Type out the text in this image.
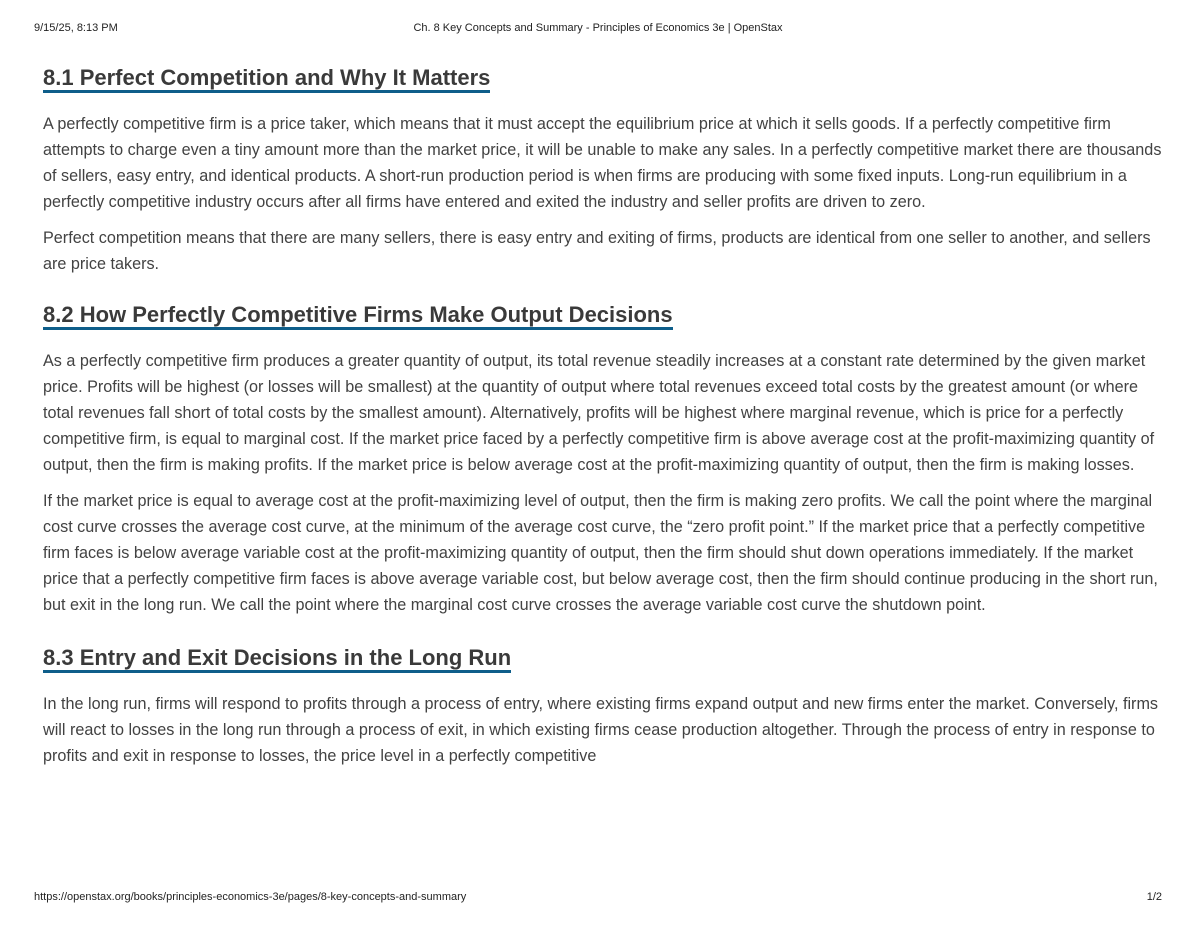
9/15/25, 8:13 PM	Ch. 8 Key Concepts and Summary - Principles of Economics 3e | OpenStax
8.1 Perfect Competition and Why It Matters

A perfectly competitive firm is a price taker, which means that it must accept the equilibrium price at which it sells goods. If a perfectly competitive firm attempts to charge even a tiny amount more than the market price, it will be unable to make any sales. In a perfectly competitive market there are thousands of sellers, easy entry, and identical products. A short-run production period is when firms are producing with some fixed inputs. Long-run equilibrium in a perfectly competitive industry occurs after all firms have entered and exited the industry and seller profits are driven to zero.

Perfect competition means that there are many sellers, there is easy entry and exiting of firms, products are identical from one seller to another, and sellers are price takers.

8.2 How Perfectly Competitive Firms Make Output Decisions

As a perfectly competitive firm produces a greater quantity of output, its total revenue steadily increases at a constant rate determined by the given market price. Profits will be highest (or losses will be smallest) at the quantity of output where total revenues exceed total costs by the greatest amount (or where total revenues fall short of total costs by the smallest amount). Alternatively, profits will be highest where marginal revenue, which is price for a perfectly competitive firm, is equal to marginal cost. If the market price faced by a perfectly competitive firm is above average cost at the profit-maximizing quantity of output, then the firm is making profits. If the market price is below average cost at the profit-maximizing quantity of output, then the firm is making losses.

If the market price is equal to average cost at the profit-maximizing level of output, then the firm is making zero profits. We call the point where the marginal cost curve crosses the average cost curve, at the minimum of the average cost curve, the “zero profit point.” If the market price that a perfectly competitive firm faces is below average variable cost at the profit-maximizing quantity of output, then the firm should shut down operations immediately. If the market price that a perfectly competitive firm faces is above average variable cost, but below average cost, then the firm should continue producing in the short run, but exit in the long run. We call the point where the marginal cost curve crosses the average variable cost curve the shutdown point.

8.3 Entry and Exit Decisions in the Long Run

In the long run, firms will respond to profits through a process of entry, where existing firms expand output and new firms enter the market. Conversely, firms will react to losses in the long run through a process of exit, in which existing firms cease production altogether. Through the process of entry in response to profits and exit in response to losses, the price level in a perfectly competitive

https://openstax.org/books/principles-economics-3e/pages/8-key-concepts-and-summary	1/2
